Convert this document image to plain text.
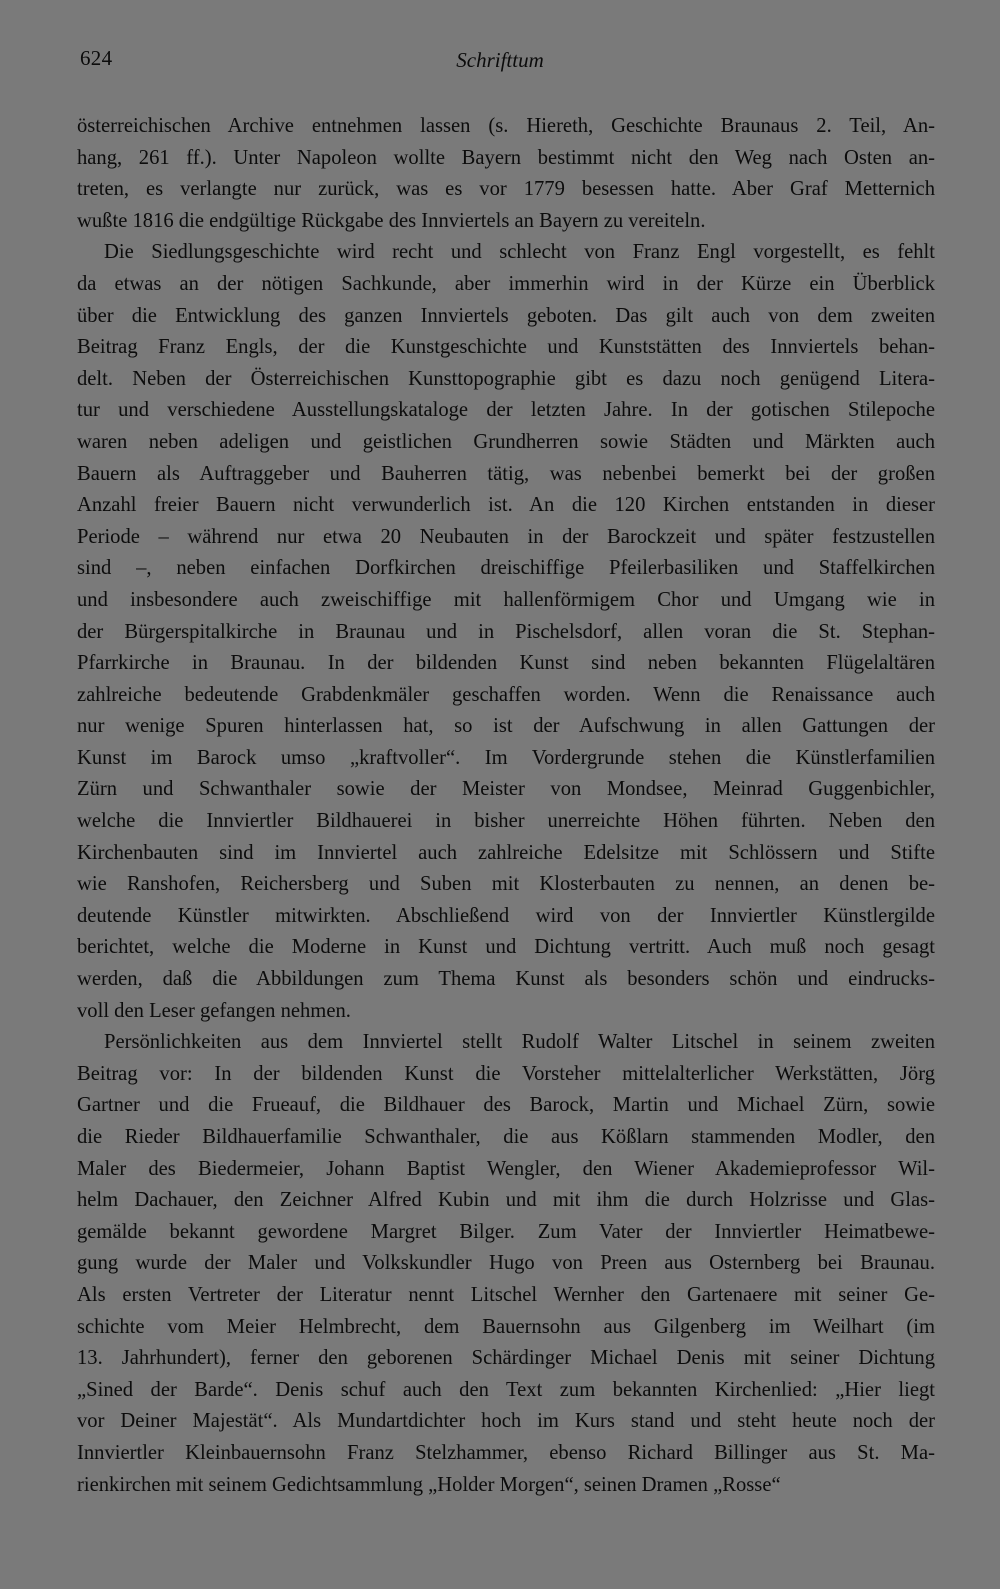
624	Schrifttum
österreichischen Archive entnehmen lassen (s. Hiereth, Geschichte Braunaus 2. Teil, An-
hang, 261 ff.). Unter Napoleon wollte Bayern bestimmt nicht den Weg nach Osten an-
treten, es verlangte nur zurück, was es vor 1779 besessen hatte. Aber Graf Metternich
wußte 1816 die endgültige Rückgabe des Innviertels an Bayern zu vereiteln.
Die Siedlungsgeschichte wird recht und schlecht von Franz Engl vorgestellt, es fehlt
da etwas an der nötigen Sachkunde, aber immerhin wird in der Kürze ein Überblick
über die Entwicklung des ganzen Innviertels geboten. Das gilt auch von dem zweiten
Beitrag Franz Engls, der die Kunstgeschichte und Kunststätten des Innviertels behan-
delt. Neben der Österreichischen Kunsttopographie gibt es dazu noch genügend Litera-
tur und verschiedene Ausstellungskataloge der letzten Jahre. In der gotischen Stilepoche
waren neben adeligen und geistlichen Grundherren sowie Städten und Märkten auch
Bauern als Auftraggeber und Bauherren tätig, was nebenbei bemerkt bei der großen
Anzahl freier Bauern nicht verwunderlich ist. An die 120 Kirchen entstanden in dieser
Periode – während nur etwa 20 Neubauten in der Barockzeit und später festzustellen
sind –, neben einfachen Dorfkirchen dreischiffige Pfeilerbasiliken und Staffelkirchen
und insbesondere auch zweischiffige mit hallenförmigem Chor und Umgang wie in
der Bürgerspitalkirche in Braunau und in Pischelsdorf, allen voran die St. Stephan-
Pfarrkirche in Braunau. In der bildenden Kunst sind neben bekannten Flügelaltären
zahlreiche bedeutende Grabdenkmäler geschaffen worden. Wenn die Renaissance auch
nur wenige Spuren hinterlassen hat, so ist der Aufschwung in allen Gattungen der
Kunst im Barock umso „kraftvoller“. Im Vordergrunde stehen die Künstlerfamilien
Zürn und Schwanthaler sowie der Meister von Mondsee, Meinrad Guggenbichler,
welche die Innviertler Bildhauerei in bisher unerreichte Höhen führten. Neben den
Kirchenbauten sind im Innviertel auch zahlreiche Edelsitze mit Schlössern und Stifte
wie Ranshofen, Reichersberg und Suben mit Klosterbauten zu nennen, an denen be-
deutende Künstler mitwirkten. Abschließend wird von der Innviertler Künstlergilde
berichtet, welche die Moderne in Kunst und Dichtung vertritt. Auch muß noch gesagt
werden, daß die Abbildungen zum Thema Kunst als besonders schön und eindrucks-
voll den Leser gefangen nehmen.
Persönlichkeiten aus dem Innviertel stellt Rudolf Walter Litschel in seinem zweiten
Beitrag vor: In der bildenden Kunst die Vorsteher mittelalterlicher Werkstätten, Jörg
Gartner und die Frueauf, die Bildhauer des Barock, Martin und Michael Zürn, sowie
die Rieder Bildhauerfamilie Schwanthaler, die aus Kößlarn stammenden Modler, den
Maler des Biedermeier, Johann Baptist Wengler, den Wiener Akademieprofessor Wil-
helm Dachauer, den Zeichner Alfred Kubin und mit ihm die durch Holzrisse und Glas-
gemälde bekannt gewordene Margret Bilger. Zum Vater der Innviertler Heimatbewe-
gung wurde der Maler und Volkskundler Hugo von Preen aus Osternberg bei Braunau.
Als ersten Vertreter der Literatur nennt Litschel Wernher den Gartenaere mit seiner Ge-
schichte vom Meier Helmbrecht, dem Bauernsohn aus Gilgenberg im Weilhart (im
13. Jahrhundert), ferner den geborenen Schärdinger Michael Denis mit seiner Dichtung
„Sined der Barde“. Denis schuf auch den Text zum bekannten Kirchenlied: „Hier liegt
vor Deiner Majestät“. Als Mundartdichter hoch im Kurs stand und steht heute noch der
Innviertler Kleinbauernsohn Franz Stelzhammer, ebenso Richard Billinger aus St. Ma-
rienkirchen mit seinem Gedichtsammlung „Holder Morgen“, seinen Dramen „Rosse“
